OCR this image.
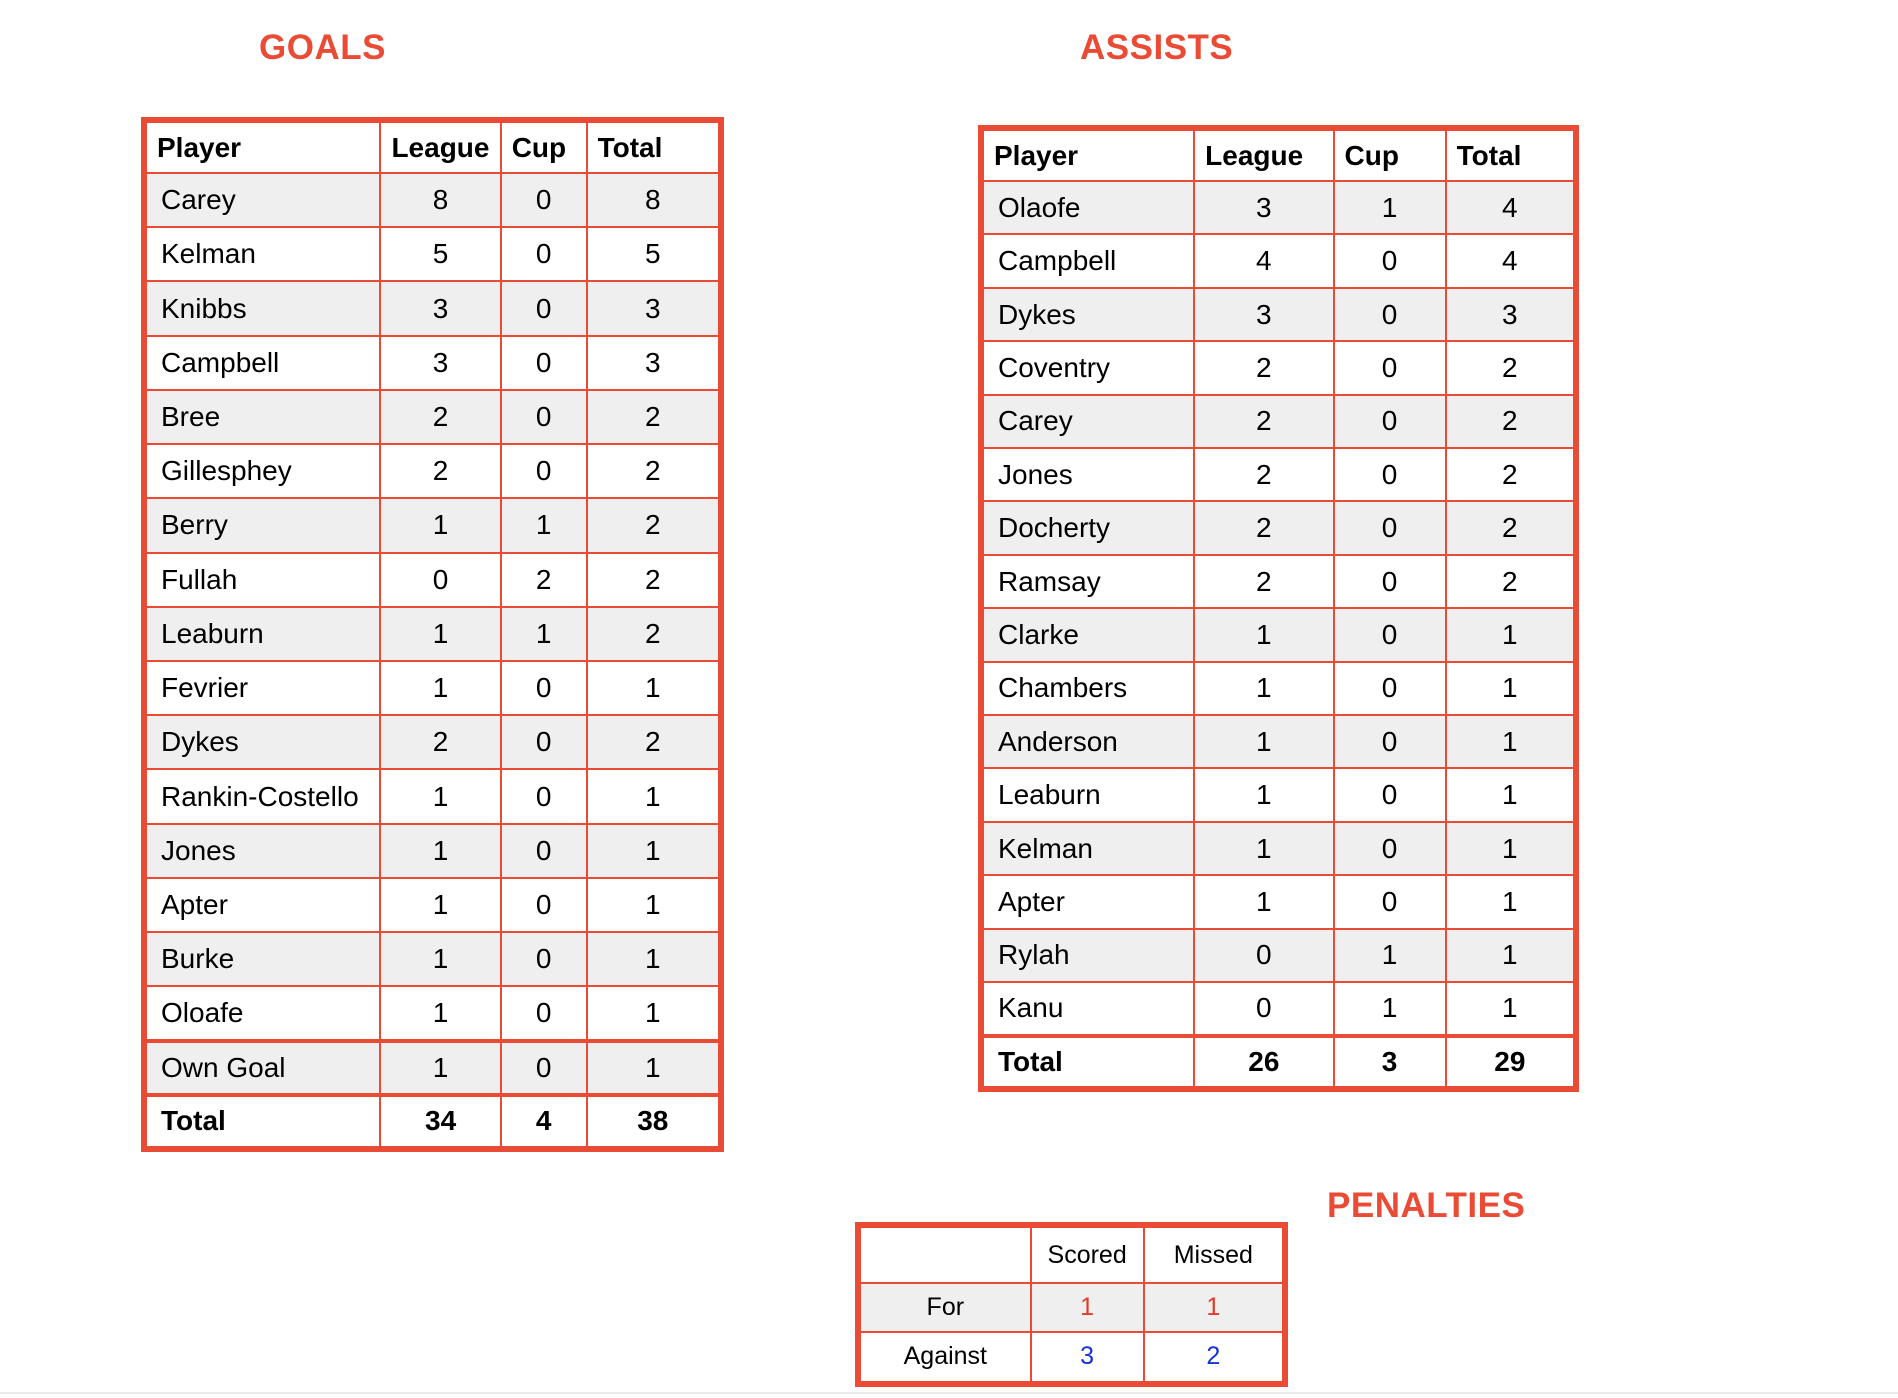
GOALS	ASSISTS
PENALTIES
Player	League	Cup	Total
Carey	8	0	8
Kelman	5	0	5
Knibbs	3	0	3
Campbell	3	0	3
Bree	2	0	2
Gillesphey	2	0	2
Berry	1	1	2
Fullah	0	2	2
Leaburn	1	1	2
Fevrier	1	0	1
Dykes	2	0	2
Rankin-Costello	1	0	1
Jones	1	0	1
Apter	1	0	1
Burke	1	0	1
Oloafe	1	0	1
Own Goal	1	0	1
Total	34	4	38
Player	League	Cup	Total
Olaofe	3	1	4
Campbell	4	0	4
Dykes	3	0	3
Coventry	2	0	2
Carey	2	0	2
Jones	2	0	2
Docherty	2	0	2
Ramsay	2	0	2
Clarke	1	0	1
Chambers	1	0	1
Anderson	1	0	1
Leaburn	1	0	1
Kelman	1	0	1
Apter	1	0	1
Rylah	0	1	1
Kanu	0	1	1
Total	26	3	29
	Scored	Missed
For	1	1
Against	3	2
